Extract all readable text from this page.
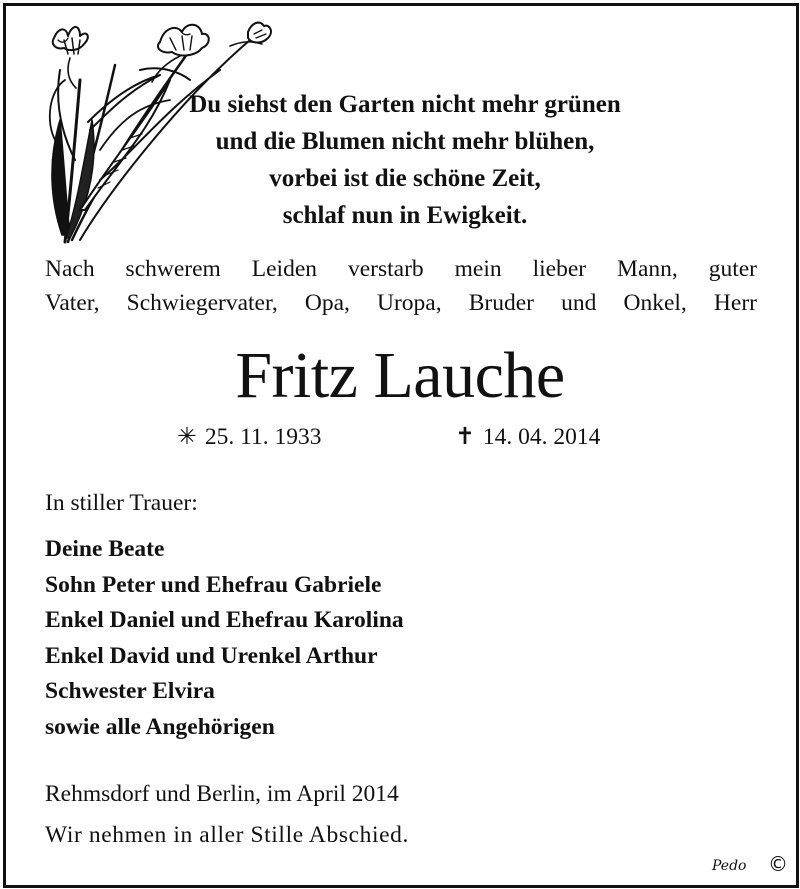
Du siehst den Garten nicht mehr grünen
und die Blumen nicht mehr blühen,
vorbei ist die schöne Zeit,
schlaf nun in Ewigkeit.
Nach schwerem Leiden verstarb mein lieber Mann, guter
Vater, Schwiegervater, Opa, Uropa, Bruder und Onkel, Herr
Fritz Lauche
✳ 25. 11. 1933	✝ 14. 04. 2014
In stiller Trauer:
Deine Beate
Sohn Peter und Ehefrau Gabriele
Enkel Daniel und Ehefrau Karolina
Enkel David und Urenkel Arthur
Schwester Elvira
sowie alle Angehörigen
Rehmsdorf und Berlin, im April 2014
Wir nehmen in aller Stille Abschied.
Pedo ©
